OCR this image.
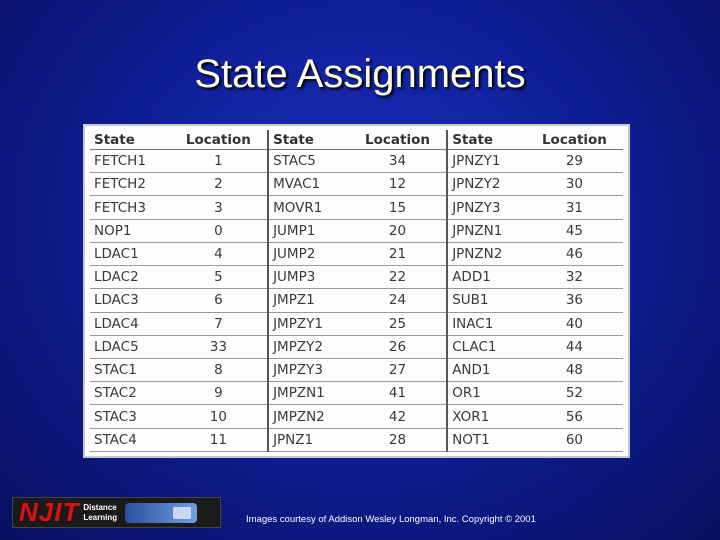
State Assignments
State	Location	State	Location	State	Location
FETCH1	1	STAC5	34	JPNZY1	29
FETCH2	2	MVAC1	12	JPNZY2	30
FETCH3	3	MOVR1	15	JPNZY3	31
NOP1	0	JUMP1	20	JPNZN1	45
LDAC1	4	JUMP2	21	JPNZN2	46
LDAC2	5	JUMP3	22	ADD1	32
LDAC3	6	JMPZ1	24	SUB1	36
LDAC4	7	JMPZY1	25	INAC1	40
LDAC5	33	JMPZY2	26	CLAC1	44
STAC1	8	JMPZY3	27	AND1	48
STAC2	9	JMPZN1	41	OR1	52
STAC3	10	JMPZN2	42	XOR1	56
STAC4	11	JPNZ1	28	NOT1	60
NJIT Distance
Learning	Images courtesy of Addison Wesley Longman, Inc. Copyright © 2001
